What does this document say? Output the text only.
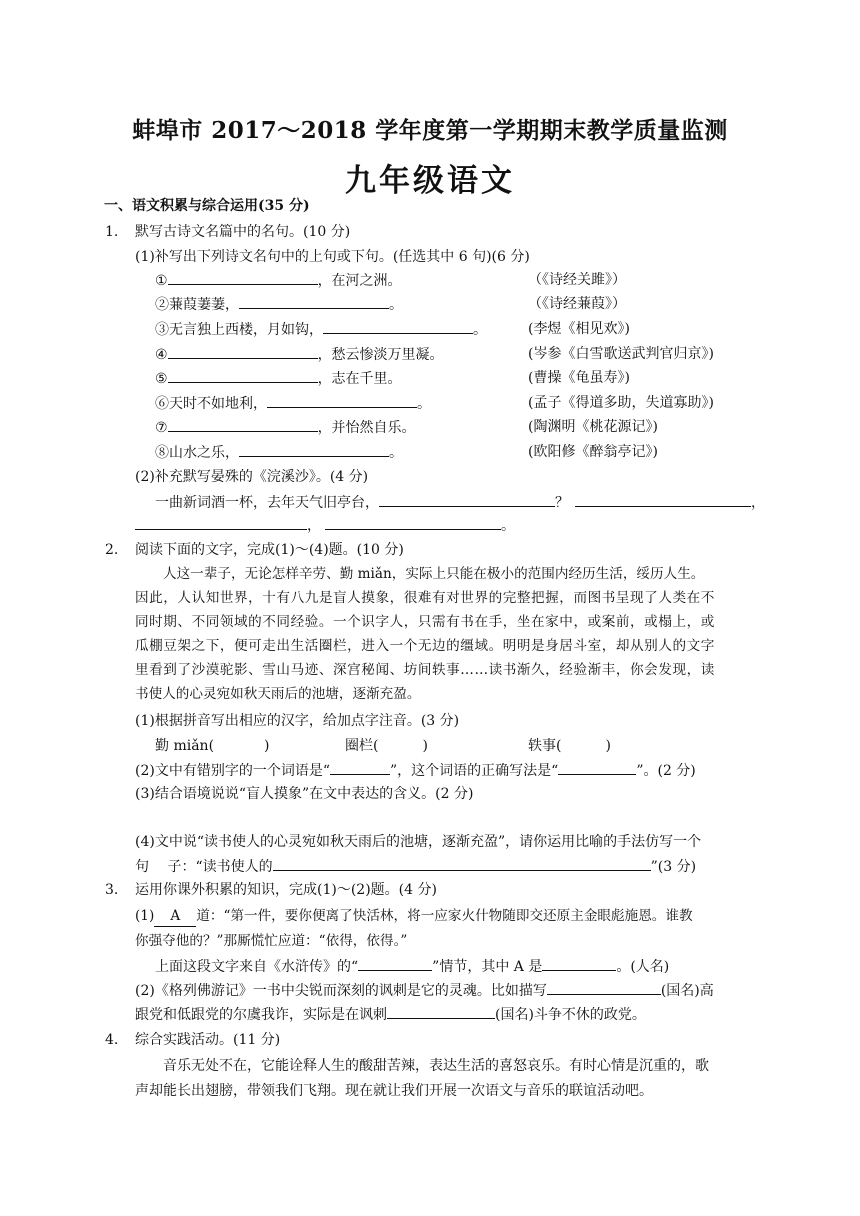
蚌埠市 2017～2018 学年度第一学期期末教学质量监测
九年级语文
一、语文积累与综合运用(35 分)
1. 默写古诗文名篇中的名句。(10 分)
(1)补写出下列诗文名句中的上句或下句。(任选其中 6 句)(6 分)
①	，在河之洲。	（《诗经关雎》）
②蒹葭萋萋，	。	（《诗经蒹葭》）
③无言独上西楼，月如钩，	。	(李煜《相见欢》)
④	，愁云惨淡万里凝。	(岑参《白雪歌送武判官归京》)
⑤	，志在千里。	(曹操《龟虽寿》)
⑥天时不如地利，	。	(孟子《得道多助，失道寡助》)
⑦	，并怡然自乐。	(陶渊明《桃花源记》)
⑧山水之乐，	。	(欧阳修《醉翁亭记》)
(2)补充默写晏殊的《浣溪沙》。(4 分)
一曲新词酒一杯，去年天气旧亭台，	？	，
，	。
2. 阅读下面的文字，完成(1)～(4)题。(10 分)
人这一辈子，无论怎样辛劳、勤 miǎn，实际上只能在极小的范围内经历生活，绥历人生。
因此，人认知世界，十有八九是盲人摸象，很难有对世界的完整把握，而图书呈现了人类在不
同时期、不同领域的不同经验。一个识字人，只需有书在手，坐在家中，或案前，或榻上，或
瓜棚豆架之下，便可走出生活圈栏，进入一个无边的缰域。明明是身居斗室，却从别人的文字
里看到了沙漠驼影、雪山马迹、深宫秘闻、坊间轶事……读书渐久，经验渐丰，你会发现，读
书使人的心灵宛如秋天雨后的池塘，逐渐充盈。
(1)根据拼音写出相应的汉字，给加点字注音。(3 分)
勤 miǎn(	)	圈栏(	)	轶事(	)
(2)文中有错别字的一个词语是“	”，这个词语的正确写法是“	”。(2 分)
(3)结合语境说说“盲人摸象”在文中表达的含义。(2 分)
(4)文中说“读书使人的心灵宛如秋天雨后的池塘，逐渐充盈”，请你运用比喻的手法仿写一个
句　 子：“读书使人的	”(3 分)
3. 运用你课外积累的知识，完成(1)～(2)题。(4 分)
(1) A 道：“第一件，要你便离了快活林，将一应家火什物随即交还原主金眼彪施恩。谁教
你强夺他的？”那厮慌忙应道：“依得，依得。”
上面这段文字来自《水浒传》的“	”情节，其中 A 是	。(人名)
(2)《格列佛游记》一书中尖锐而深刻的讽刺是它的灵魂。比如描写	(国名)高
跟党和低跟党的尔虞我诈，实际是在讽刺	(国名)斗争不休的政党。
4. 综合实践活动。(11 分)
音乐无处不在，它能诠释人生的酸甜苦辣，表达生活的喜怒哀乐。有时心情是沉重的，歌
声却能长出翅膀，带领我们飞翔。现在就让我们开展一次语文与音乐的联谊活动吧。
